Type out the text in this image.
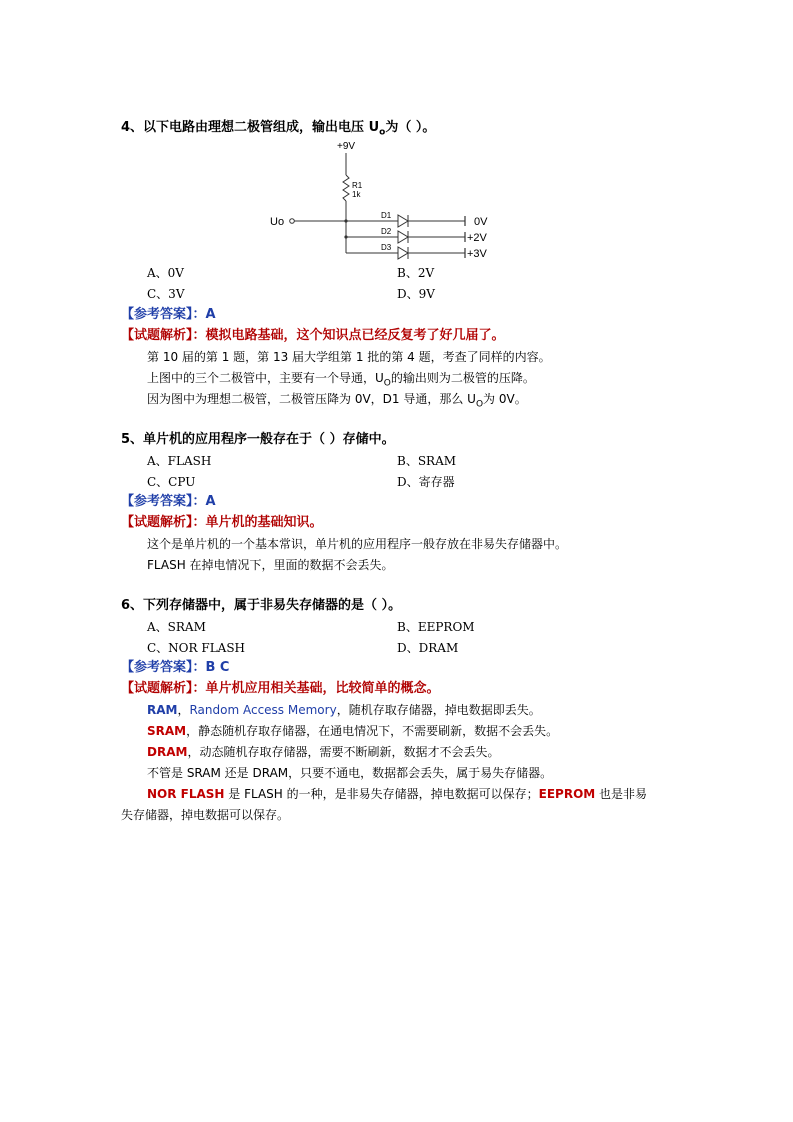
4、以下电路由理想二极管组成，输出电压 $U_o$为（ ）。
+9V
R1
1k
Uo
D1
0V
D2
+2V
D3
+3V
A、0V	B、2V
C、3V	D、9V
【参考答案】：A
【试题解析】：模拟电路基础，这个知识点已经反复考了好几届了。
第 10 届的第 1 题，第 13 届大学组第 1 批的第 4 题，考查了同样的内容。
上图中的三个二极管中，主要有一个导通，$U_O$的输出则为二极管的压降。
因为图中为理想二极管，二极管压降为 0V，D1 导通，那么 $U_O$为 0V。
5、单片机的应用程序一般存在于（ ）存储中。
A、FLASH	B、SRAM
C、CPU	D、寄存器
【参考答案】：A
【试题解析】：单片机的基础知识。
这个是单片机的一个基本常识，单片机的应用程序一般存放在非易失存储器中。
FLASH 在掉电情况下，里面的数据不会丢失。
6、下列存储器中，属于非易失存储器的是（ ）。
A、SRAM	B、EEPROM
C、NOR FLASH	D、DRAM
【参考答案】：B C
【试题解析】：单片机应用相关基础，比较简单的概念。
RAM，Random Access Memory，随机存取存储器，掉电数据即丢失。
SRAM，静态随机存取存储器，在通电情况下，不需要刷新，数据不会丢失。
DRAM，动态随机存取存储器，需要不断刷新，数据才不会丢失。
不管是 SRAM 还是 DRAM，只要不通电，数据都会丢失，属于易失存储器。
NOR FLASH 是 FLASH 的一种，是非易失存储器，掉电数据可以保存；EEPROM 也是非易
失存储器，掉电数据可以保存。
